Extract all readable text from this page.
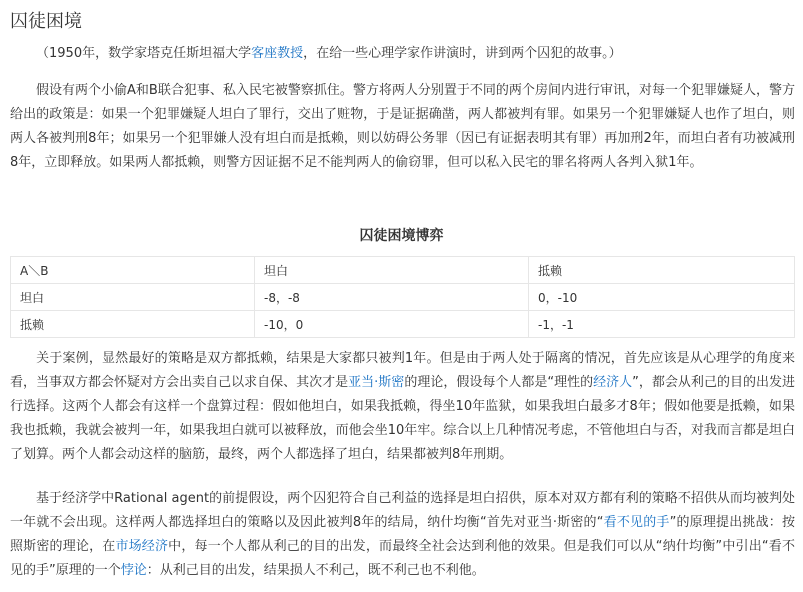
囚徒困境

  （1950年，数学家塔克任斯坦福大学客座教授，在给一些心理学家作讲演时，讲到两个囚犯的故事。）

  假设有两个小偷A和B联合犯事、私入民宅被警察抓住。警方将两人分别置于不同的两个房间内进行审讯，对每一个犯罪嫌疑人，警方给出的政策是：如果一个犯罪嫌疑人坦白了罪行，交出了赃物，于是证据确凿，两人都被判有罪。如果另一个犯罪嫌疑人也作了坦白，则两人各被判刑8年；如果另一个犯罪嫌人没有坦白而是抵赖，则以妨碍公务罪（因已有证据表明其有罪）再加刑2年，而坦白者有功被减刑8年，立即释放。如果两人都抵赖，则警方因证据不足不能判两人的偷窃罪，但可以私入民宅的罪名将两人各判入狱1年。

囚徒困境博弈
A＼B	坦白	抵赖
坦白	-8，-8	0，-10
抵赖	-10，0	-1，-1

  关于案例，显然最好的策略是双方都抵赖，结果是大家都只被判1年。但是由于两人处于隔离的情况，首先应该是从心理学的角度来看，当事双方都会怀疑对方会出卖自己以求自保、其次才是亚当·斯密的理论，假设每个人都是“理性的经济人”，都会从利己的目的出发进行选择。这两个人都会有这样一个盘算过程：假如他坦白，如果我抵赖，得坐10年监狱，如果我坦白最多才8年；假如他要是抵赖，如果我也抵赖，我就会被判一年，如果我坦白就可以被释放，而他会坐10年牢。综合以上几种情况考虑，不管他坦白与否，对我而言都是坦白了划算。两个人都会动这样的脑筋，最终，两个人都选择了坦白，结果都被判8年刑期。

  基于经济学中Rational agent的前提假设，两个囚犯符合自己利益的选择是坦白招供，原本对双方都有利的策略不招供从而均被判处一年就不会出现。这样两人都选择坦白的策略以及因此被判8年的结局，纳什均衡“首先对亚当·斯密的“看不见的手”的原理提出挑战：按照斯密的理论，在市场经济中，每一个人都从利己的目的出发，而最终全社会达到利他的效果。但是我们可以从“纳什均衡”中引出“看不见的手”原理的一个悖论：从利己目的出发，结果损人不利己，既不利己也不利他。
